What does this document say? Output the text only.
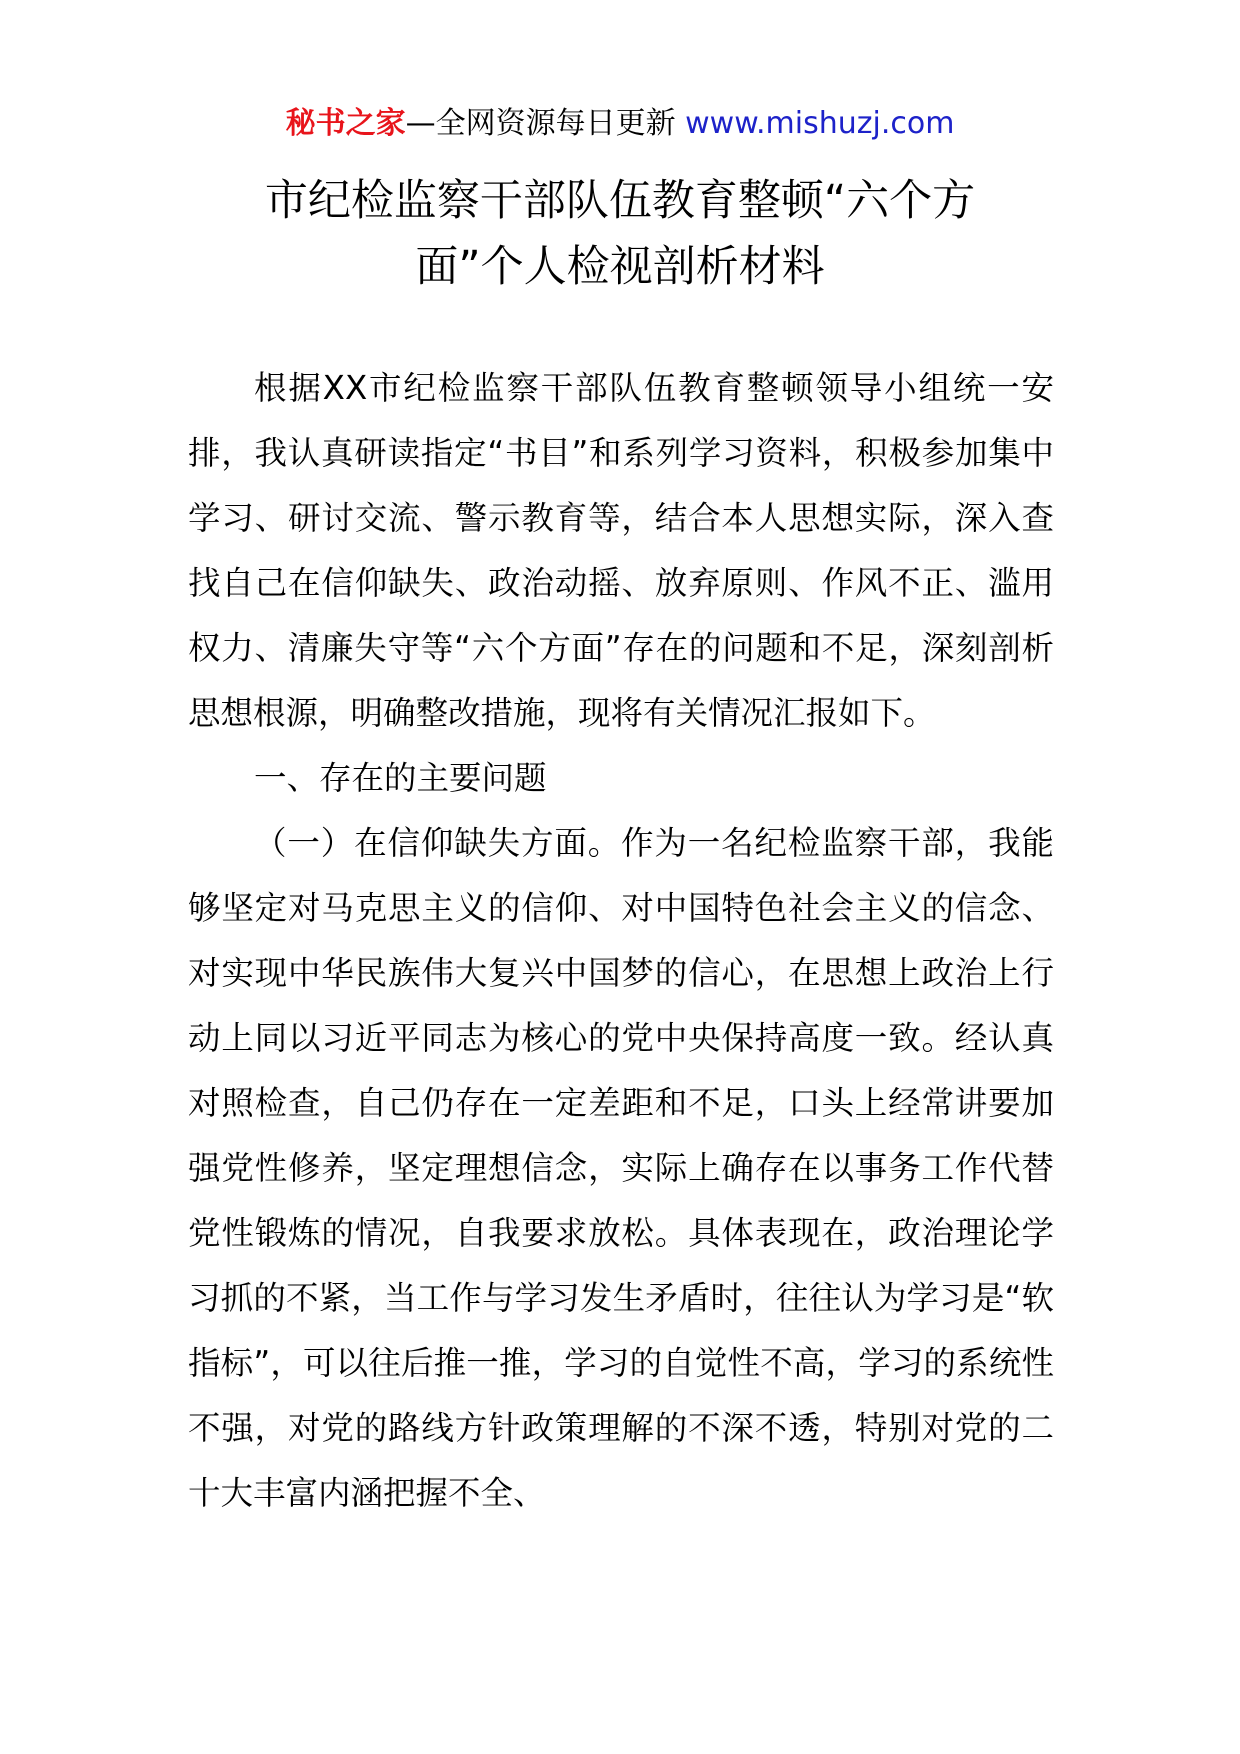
秘书之家—全网资源每日更新 www.mishuzj.com
市纪检监察干部队伍教育整顿“六个方
面”个人检视剖析材料

根据XX市纪检监察干部队伍教育整顿领导小组统一安排，我认真研读指定“书目”和系列学习资料，积极参加集中学习、研讨交流、警示教育等，结合本人思想实际，深入查找自己在信仰缺失、政治动摇、放弃原则、作风不正、滥用权力、清廉失守等“六个方面”存在的问题和不足，深刻剖析思想根源，明确整改措施，现将有关情况汇报如下。

一、存在的主要问题

（一）在信仰缺失方面。作为一名纪检监察干部，我能够坚定对马克思主义的信仰、对中国特色社会主义的信念、对实现中华民族伟大复兴中国梦的信心，在思想上政治上行动上同以习近平同志为核心的党中央保持高度一致。经认真对照检查，自己仍存在一定差距和不足，口头上经常讲要加强党性修养，坚定理想信念，实际上确存在以事务工作代替党性锻炼的情况，自我要求放松。具体表现在，政治理论学习抓的不紧，当工作与学习发生矛盾时，往往认为学习是“软指标”，可以往后推一推，学习的自觉性不高，学习的系统性不强，对党的路线方针政策理解的不深不透，特别对党的二十大丰富内涵把握不全、
